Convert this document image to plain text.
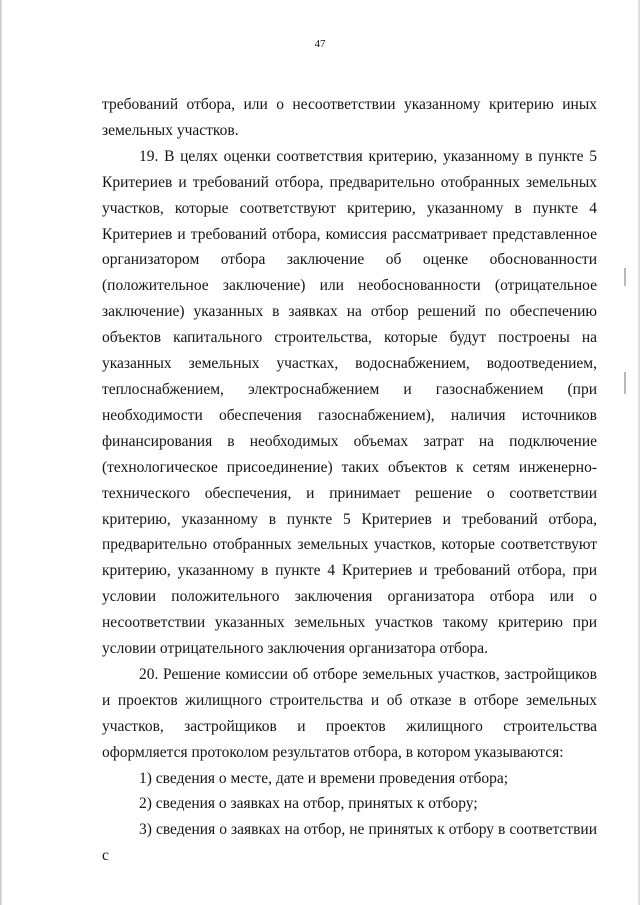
47

требований отбора, или о несоответствии указанному критерию иных земельных участков.

19. В целях оценки соответствия критерию, указанному в пункте 5 Критериев и требований отбора, предварительно отобранных земельных участков, которые соответствуют критерию, указанному в пункте 4 Критериев и требований отбора, комиссия рассматривает представленное организатором отбора заключение об оценке обоснованности (положительное заключение) или необоснованности (отрицательное заключение) указанных в заявках на отбор решений по обеспечению объектов капитального строительства, которые будут построены на указанных земельных участках, водоснабжением, водоотведением, теплоснабжением, электроснабжением и газоснабжением (при необходимости обеспечения газоснабжением), наличия источников финансирования в необходимых объемах затрат на подключение (технологическое присоединение) таких объектов к сетям инженерно-технического обеспечения, и принимает решение о соответствии критерию, указанному в пункте 5 Критериев и требований отбора, предварительно отобранных земельных участков, которые соответствуют критерию, указанному в пункте 4 Критериев и требований отбора, при условии положительного заключения организатора отбора или о несоответствии указанных земельных участков такому критерию при условии отрицательного заключения организатора отбора.

20. Решение комиссии об отборе земельных участков, застройщиков и проектов жилищного строительства и об отказе в отборе земельных участков, застройщиков и проектов жилищного строительства оформляется протоколом результатов отбора, в котором указываются:

1) сведения о месте, дате и времени проведения отбора;

2) сведения о заявках на отбор, принятых к отбору;

3) сведения о заявках на отбор, не принятых к отбору в соответствии с
